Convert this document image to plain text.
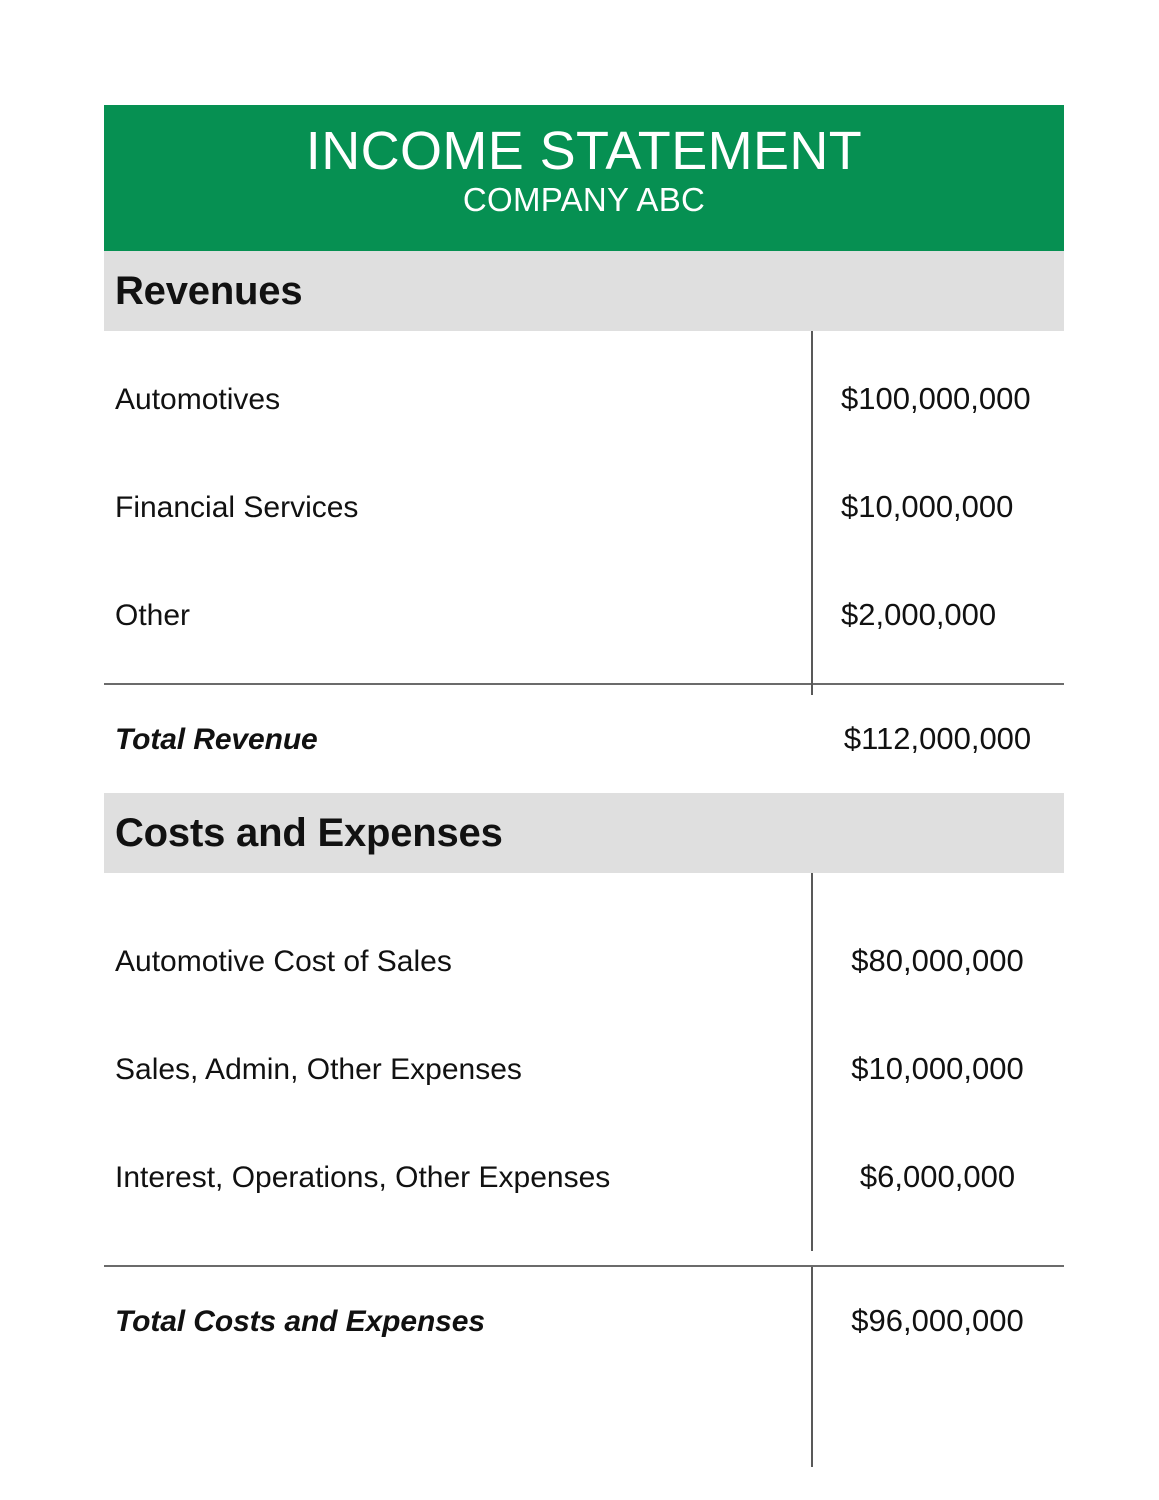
INCOME STATEMENT
COMPANY ABC
Revenues
Automotives	$100,000,000
Financial Services	$10,000,000
Other	$2,000,000
Total Revenue	$112,000,000
Costs and Expenses
Automotive Cost of Sales	$80,000,000
Sales, Admin, Other Expenses	$10,000,000
Interest, Operations, Other Expenses	$6,000,000
Total Costs and Expenses	$96,000,000
